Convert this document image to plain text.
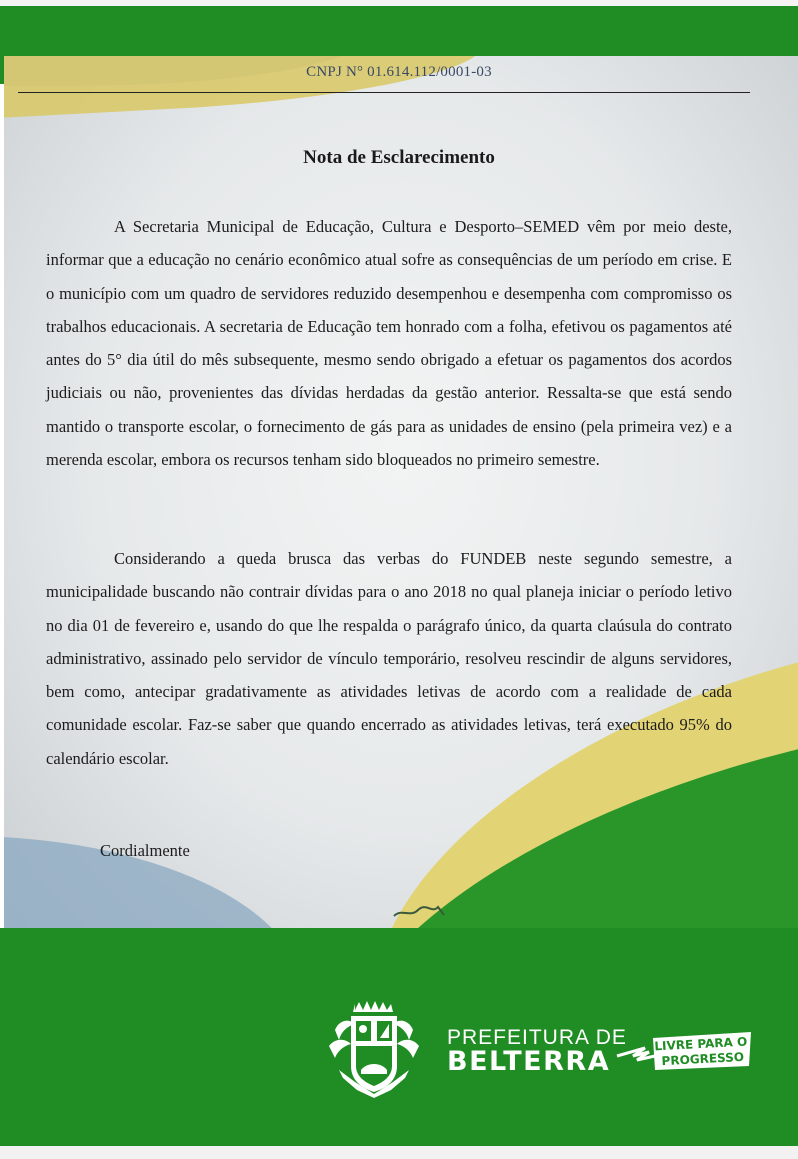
CNPJ N° 01.614.112/0001-03
Nota de Esclarecimento

A Secretaria Municipal de Educação, Cultura e Desporto–SEMED vêm por meio deste, informar que a educação no cenário econômico atual sofre as consequências de um período em crise. E o município com um quadro de servidores reduzido desempenhou e desempenha com compromisso os trabalhos educacionais. A secretaria de Educação tem honrado com a folha, efetivou os pagamentos até antes do 5° dia útil do mês subsequente, mesmo sendo obrigado a efetuar os pagamentos dos acordos judiciais ou não, provenientes das dívidas herdadas da gestão anterior. Ressalta-se que está sendo mantido o transporte escolar, o fornecimento de gás para as unidades de ensino (pela primeira vez) e a merenda escolar, embora os recursos tenham sido bloqueados no primeiro semestre.

Considerando a queda brusca das verbas do FUNDEB neste segundo semestre, a municipalidade buscando não contrair dívidas para o ano 2018 no qual planeja iniciar o período letivo no dia 01 de fevereiro e, usando do que lhe respalda o parágrafo único, da quarta claúsula do contrato administrativo, assinado pelo servidor de vínculo temporário, resolveu rescindir de alguns servidores, bem como, antecipar gradativamente as atividades letivas de acordo com a realidade de cada comunidade escolar. Faz-se saber que quando encerrado as atividades letivas, terá executado 95% do calendário escolar.

Cordialmente
PREFEITURA DE
BELTERRA
LIVRE PARA O
PROGRESSO
